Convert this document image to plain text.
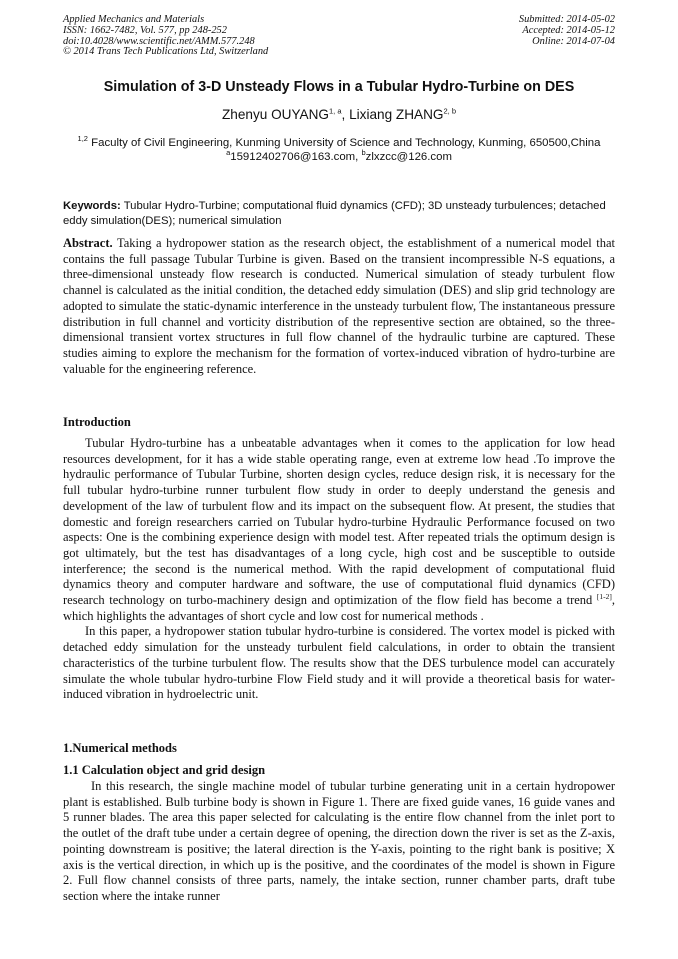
Applied Mechanics and Materials
ISSN: 1662-7482, Vol. 577, pp 248-252
doi:10.4028/www.scientific.net/AMM.577.248
© 2014 Trans Tech Publications Ltd, Switzerland
Submitted: 2014-05-02
Accepted: 2014-05-12
Online: 2014-07-04
Simulation of 3-D Unsteady Flows in a Tubular Hydro-Turbine on DES
Zhenyu OUYANG$^{1, a}$, Lixiang ZHANG$^{2, b}$
$^{1,2}$ Faculty of Civil Engineering, Kunming University of Science and Technology, Kunming, 650500,China
$^a$15912402706@163.com, $^b$zlxzcc@126.com
Keywords: Tubular Hydro-Turbine; computational fluid dynamics (CFD); 3D unsteady turbulences; detached eddy simulation(DES); numerical simulation
Abstract. Taking a hydropower station as the research object, the establishment of a numerical model that contains the full passage Tubular Turbine is given. Based on the transient incompressible N-S equations, a three-dimensional unsteady flow research is conducted. Numerical simulation of steady turbulent flow channel is calculated as the initial condition, the detached eddy simulation (DES) and slip grid technology are adopted to simulate the static-dynamic interference in the unsteady turbulent flow, The instantaneous pressure distribution in full channel and vorticity distribution of the representive section are obtained, so the three-dimensional transient vortex structures in full flow channel of the hydraulic turbine are captured. These studies aiming to explore the mechanism for the formation of vortex-induced vibration of hydro-turbine are valuable for the engineering reference.
Introduction

Tubular Hydro-turbine has a unbeatable advantages when it comes to the application for low head resources development, for it has a wide stable operating range, even at extreme low head .To improve the hydraulic performance of Tubular Turbine, shorten design cycles, reduce design risk, it is necessary for the full tubular hydro-turbine runner turbulent flow study in order to deeply understand the genesis and development of the law of turbulent flow and its impact on the subsequent flow. At present, the studies that domestic and foreign researchers carried on Tubular hydro-turbine Hydraulic Performance focused on two aspects: One is the combining experience design with model test. After repeated trials the optimum design is got ultimately, but the test has disadvantages of a long cycle, high cost and be susceptible to outside interference; the second is the numerical method. With the rapid development of computational fluid dynamics theory and computer hardware and software, the use of computational fluid dynamics (CFD) research technology on turbo-machinery design and optimization of the flow field has become a trend [1-2], which highlights the advantages of short cycle and low cost for numerical methods .

In this paper, a hydropower station tubular hydro-turbine is considered. The vortex model is picked with detached eddy simulation for the unsteady turbulent field calculations, in order to obtain the transient characteristics of the turbine turbulent flow. The results show that the DES turbulence model can accurately simulate the whole tubular hydro-turbine Flow Field study and it will provide a theoretical basis for water-induced vibration in hydroelectric unit.

1.Numerical methods
1.1 Calculation object and grid design

In this research, the single machine model of tubular turbine generating unit in a certain hydropower plant is established. Bulb turbine body is shown in Figure 1. There are fixed guide vanes, 16 guide vanes and 5 runner blades. The area this paper selected for calculating is the entire flow channel from the inlet port to the outlet of the draft tube under a certain degree of opening, the direction down the river is set as the Z-axis, pointing downstream is positive; the lateral direction is the Y-axis, pointing to the right bank is positive; X axis is the vertical direction, in which up is the positive, and the coordinates of the model is shown in Figure 2. Full flow channel consists of three parts, namely, the intake section, runner chamber parts, draft tube section where the intake runner
